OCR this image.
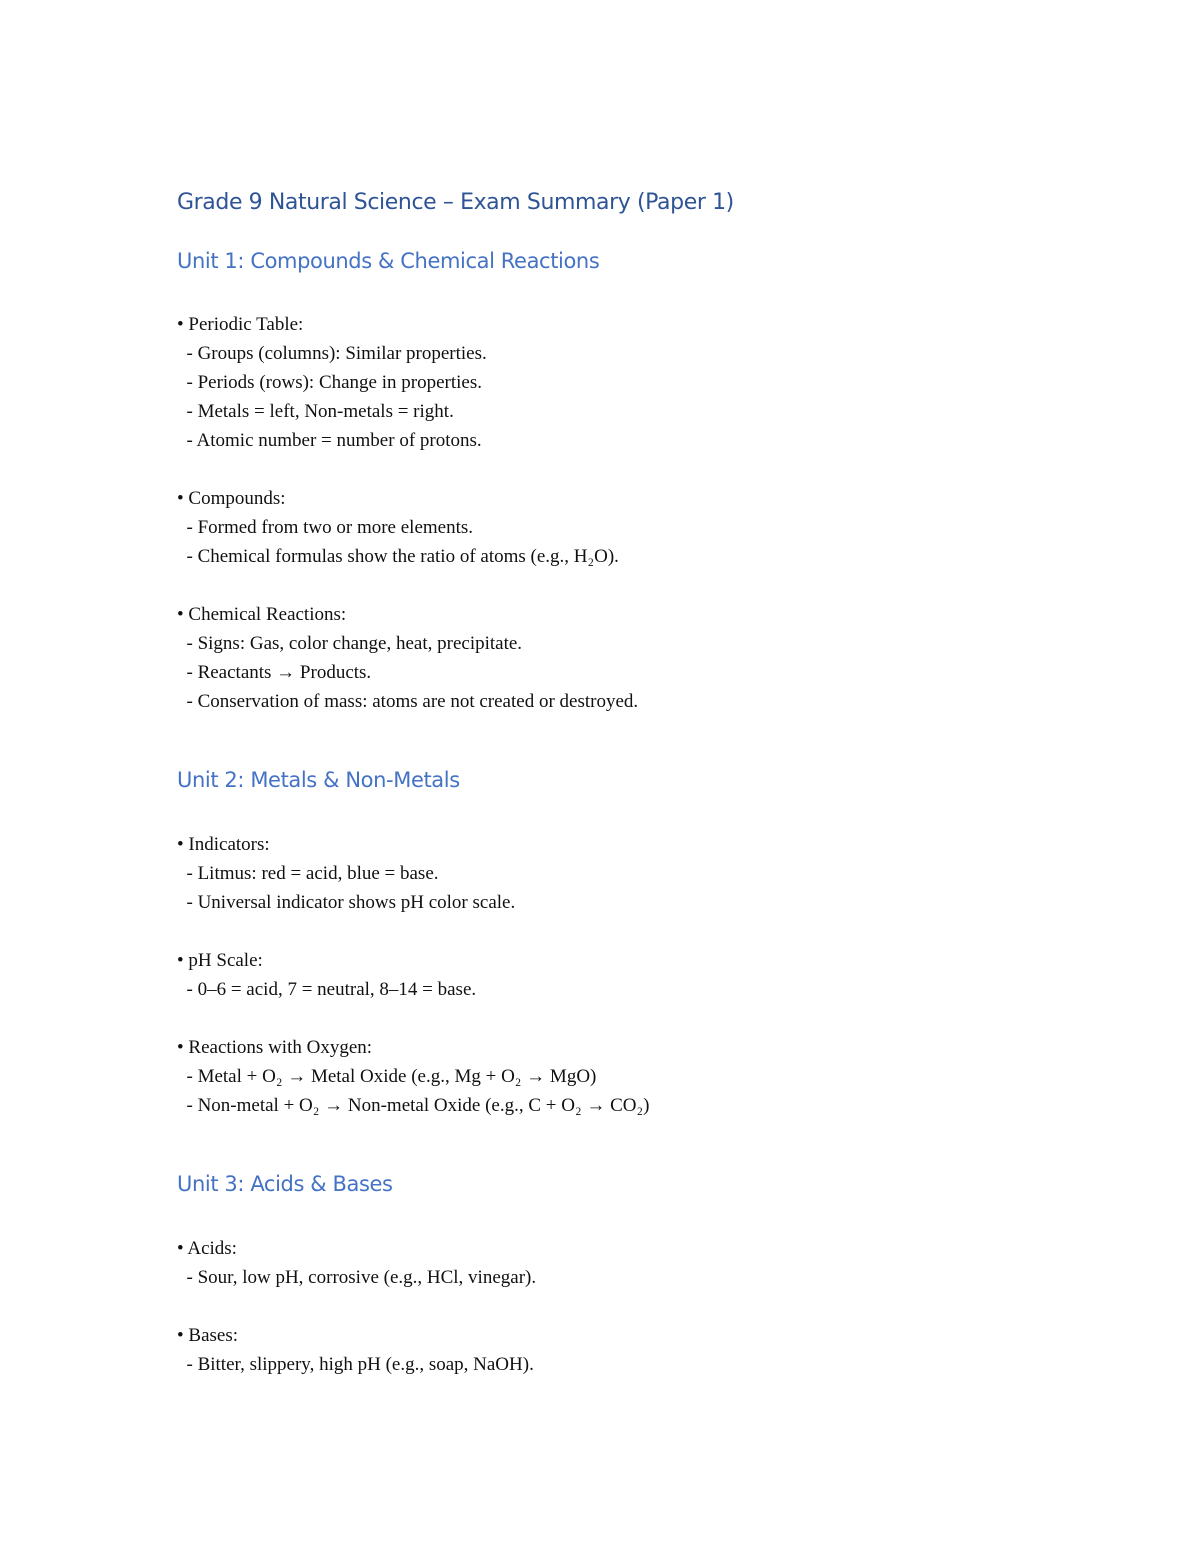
Grade 9 Natural Science – Exam Summary (Paper 1)
Unit 1: Compounds & Chemical Reactions

• Periodic Table:

- Groups (columns): Similar properties.

- Periods (rows): Change in properties.

- Metals = left, Non-metals = right.

- Atomic number = number of protons.

• Compounds:

- Formed from two or more elements.

- Chemical formulas show the ratio of atoms (e.g., H₂O).

• Chemical Reactions:

- Signs: Gas, color change, heat, precipitate.

- Reactants → Products.

- Conservation of mass: atoms are not created or destroyed.

Unit 2: Metals & Non-Metals

• Indicators:

- Litmus: red = acid, blue = base.

- Universal indicator shows pH color scale.

• pH Scale:

- 0–6 = acid, 7 = neutral, 8–14 = base.

• Reactions with Oxygen:

- Metal + O₂ → Metal Oxide (e.g., Mg + O₂ → MgO)

- Non-metal + O₂ → Non-metal Oxide (e.g., C + O₂ → CO₂)

Unit 3: Acids & Bases

• Acids:

- Sour, low pH, corrosive (e.g., HCl, vinegar).

• Bases:

- Bitter, slippery, high pH (e.g., soap, NaOH).
